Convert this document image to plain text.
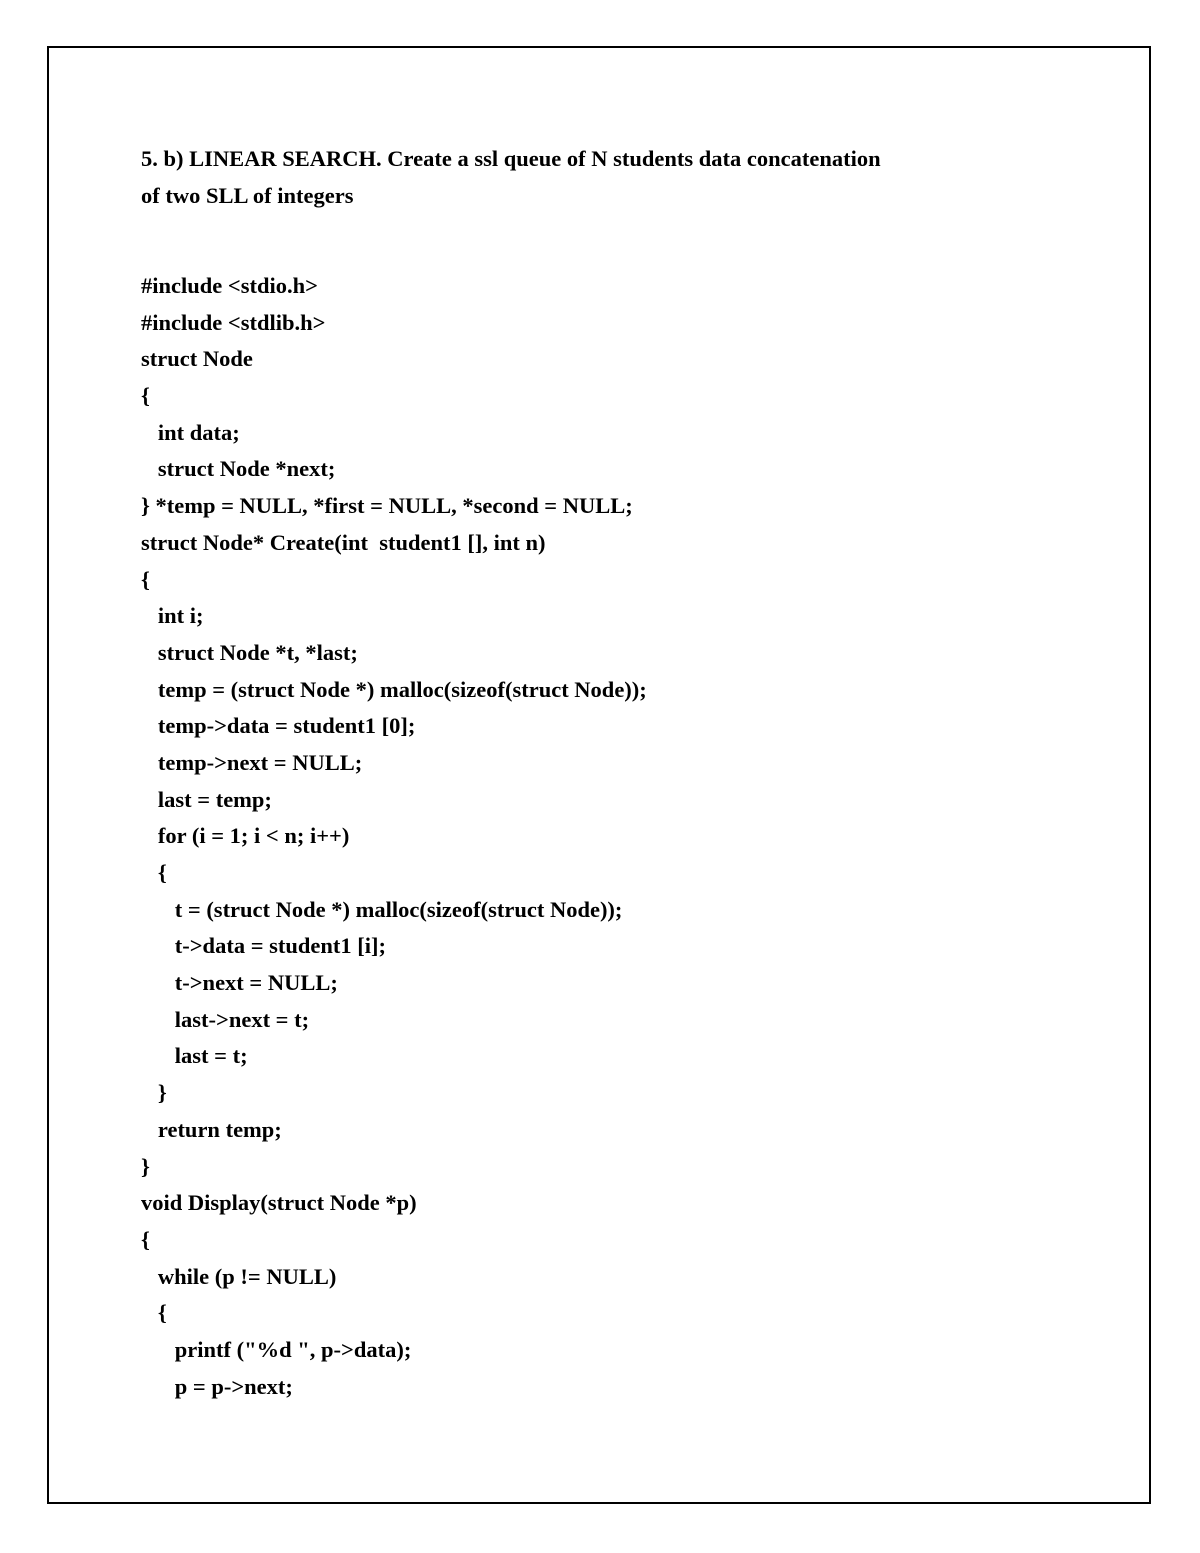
5. b) LINEAR SEARCH. Create a ssl queue of N students data concatenation
of two SLL of integers
#include <stdio.h>
#include <stdlib.h>
struct Node
{
int data;
struct Node *next;
} *temp = NULL, *first = NULL, *second = NULL;
struct Node* Create(int  student1 [], int n)
{
int i;
struct Node *t, *last;
temp = (struct Node *) malloc(sizeof(struct Node));
temp->data = student1 [0];
temp->next = NULL;
last = temp;
for (i = 1; i < n; i++)
{
t = (struct Node *) malloc(sizeof(struct Node));
t->data = student1 [i];
t->next = NULL;
last->next = t;
last = t;
}
return temp;
}
void Display(struct Node *p)
{
while (p != NULL)
{
printf ("%d ", p->data);
p = p->next;
